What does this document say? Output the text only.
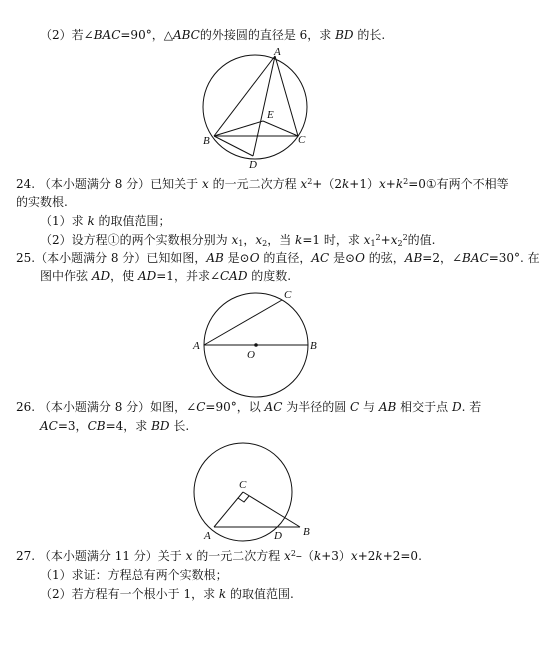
（2）若∠BAC=90°，△ABC的外接圆的直径是 6，求 BD 的长.
A
B	C
D
E
A	B
C
O
A	B
C
D
24. （本小题满分 8 分）已知关于 x 的一元二次方程 $x^2+(2k+1)x+k^2=0①$有两个不相等
的实数根.
（1）求 k 的取值范围；
（2）设方程①的两个实数根分别为 $x_1$，$x_2$，当 k=1 时，求 $x_1^2+x_2^2$的值.
25.（本小题满分 8 分）已知如图，AB 是⊙O 的直径，AC 是⊙O 的弦，AB=2，∠BAC=30°. 在
图中作弦 AD，使 AD=1，并求∠CAD 的度数.
26. （本小题满分 8 分）如图，∠C=90°，以 AC 为半径的圆 C 与 AB 相交于点 D. 若
AC=3，CB=4，求 BD 长.
27. （本小题满分 11 分）关于 x 的一元二次方程 $x^2-(k+3)x+2k+2=0$.
（1）求证：方程总有两个实数根；
（2）若方程有一个根小于 1，求 k 的取值范围.
